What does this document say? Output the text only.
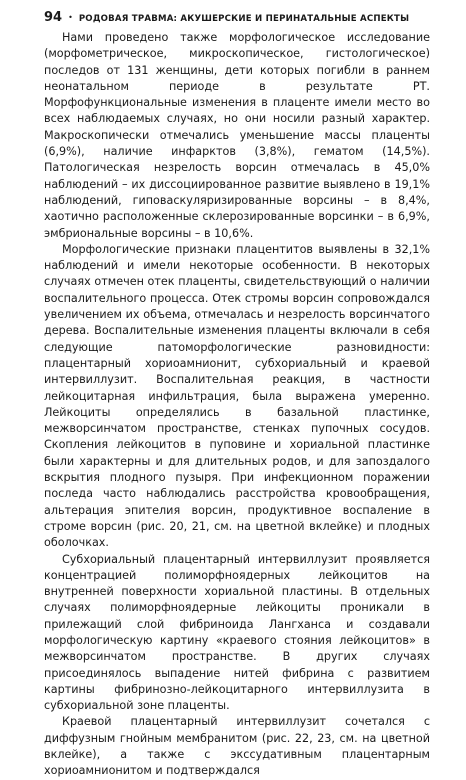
94 • РОДОВАЯ ТРАВМА: АКУШЕРСКИЕ И ПЕРИНАТАЛЬНЫЕ АСПЕКТЫ

Нами проведено также морфологическое исследование (морфометрическое, микроскопическое, гистологическое) последов от 131 женщины, дети которых погибли в раннем неонатальном периоде в результате РТ. Морфофункциональные изменения в плаценте имели место во всех наблюдаемых случаях, но они носили разный характер. Макроскопически отмечались уменьшение массы плаценты (6,9%), наличие инфарктов (3,8%), гематом (14,5%). Патологическая незрелость ворсин отмечалась в 45,0% наблюдений – их диссоциированное развитие выявлено в 19,1% наблюдений, гиповаскуляризированные ворсины – в 8,4%, хаотично расположенные склерозированные ворсинки – в 6,9%, эмбриональные ворсины – в 10,6%.

Морфологические признаки плацентитов выявлены в 32,1% наблюдений и имели некоторые особенности. В некоторых случаях отмечен отек плаценты, свидетельствующий о наличии воспалительного процесса. Отек стромы ворсин сопровождался увеличением их объема, отмечалась и незрелость ворсинчатого дерева. Воспалительные изменения плаценты включали в себя следующие патоморфологические разновидности: плацентарный хориоамнионит, субхориальный и краевой интервиллузит. Воспалительная реакция, в частности лейкоцитарная инфильтрация, была выражена умеренно. Лейкоциты определялись в базальной пластинке, межворсинчатом пространстве, стенках пупочных сосудов. Скопления лейкоцитов в пуповине и хориальной пластинке были характерны и для длительных родов, и для запоздалого вскрытия плодного пузыря. При инфекционном поражении последа часто наблюдались расстройства кровообращения, альтерация эпителия ворсин, продуктивное воспаление в строме ворсин (рис. 20, 21, см. на цветной вклейке) и плодных оболочках.

Субхориальный плацентарный интервиллузит проявляется концентрацией полиморфноядерных лейкоцитов на внутренней поверхности хориальной пластины. В отдельных случаях полиморфноядерные лейкоциты проникали в прилежащий слой фибриноида Лангханса и создавали морфологическую картину «краевого стояния лейкоцитов» в межворсинчатом пространстве. В других случаях присоединялось выпадение нитей фибрина с развитием картины фибринозно-лейкоцитарного интервиллузита в субхориальной зоне плаценты.

Краевой плацентарный интервиллузит сочетался с диффузным гнойным мембранитом (рис. 22, 23, см. на цветной вклейке), а также с экссудативным плацентарным хориоамнионитом и подтверждался
